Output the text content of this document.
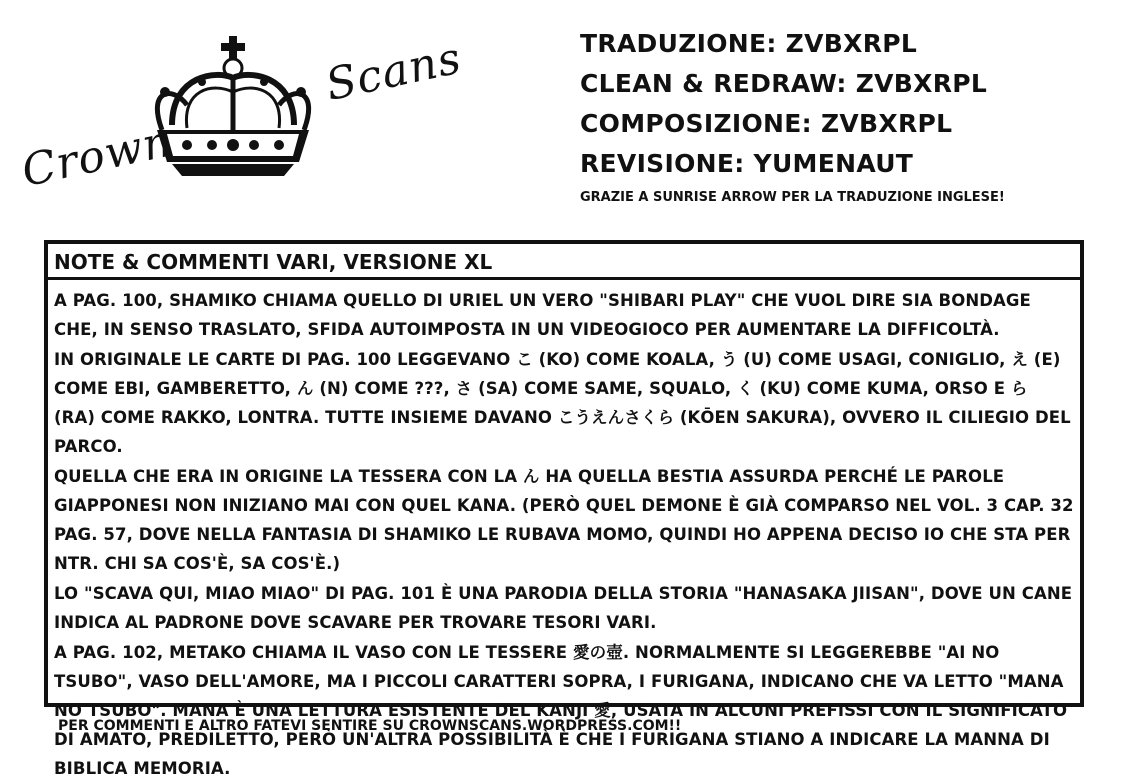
Crown
Scans	TRADUZIONE: ZVBXRPL
CLEAN & REDRAW: ZVBXRPL
COMPOSIZIONE: ZVBXRPL
REVISIONE: YUMENAUT
GRAZIE A SUNRISE ARROW PER LA TRADUZIONE INGLESE!
NOTE & COMMENTI VARI, VERSIONE XL

A PAG. 100, SHAMIKO CHIAMA QUELLO DI URIEL UN VERO "SHIBARI PLAY" CHE VUOL DIRE SIA BONDAGE CHE, IN SENSO TRASLATO, SFIDA AUTOIMPOSTA IN UN VIDEOGIOCO PER AUMENTARE LA DIFFICOLTÀ.

IN ORIGINALE LE CARTE DI PAG. 100 LEGGEVANO こ (KO) COME KOALA, う (U) COME USAGI, CONIGLIO, え (E) COME EBI, GAMBERETTO, ん (N) COME ???, さ (SA) COME SAME, SQUALO, く (KU) COME KUMA, ORSO E ら (RA) COME RAKKO, LONTRA. TUTTE INSIEME DAVANO こうえんさくら (KŌEN SAKURA), OVVERO IL CILIEGIO DEL PARCO.

QUELLA CHE ERA IN ORIGINE LA TESSERA CON LA ん HA QUELLA BESTIA ASSURDA PERCHÉ LE PAROLE GIAPPONESI NON INIZIANO MAI CON QUEL KANA. (PERÒ QUEL DEMONE È GIÀ COMPARSO NEL VOL. 3 CAP. 32 PAG. 57, DOVE NELLA FANTASIA DI SHAMIKO LE RUBAVA MOMO, QUINDI HO APPENA DECISO IO CHE STA PER NTR. CHI SA COS'È, SA COS'È.)

LO "SCAVA QUI, MIAO MIAO" DI PAG. 101 È UNA PARODIA DELLA STORIA "HANASAKA JIISAN", DOVE UN CANE INDICA AL PADRONE DOVE SCAVARE PER TROVARE TESORI VARI.

A PAG. 102, METAKO CHIAMA IL VASO CON LE TESSERE 愛の壺. NORMALMENTE SI LEGGEREBBE "AI NO TSUBO", VASO DELL'AMORE, MA I PICCOLI CARATTERI SOPRA, I FURIGANA, INDICANO CHE VA LETTO "MANA NO TSUBO". MANA È UNA LETTURA ESISTENTE DEL KANJI 愛, USATA IN ALCUNI PREFISSI CON IL SIGNIFICATO DI AMATO, PREDILETTO, PERÒ UN'ALTRA POSSIBILITÀ È CHE I FURIGANA STIANO A INDICARE LA MANNA DI BIBLICA MEMORIA.

PER COMMENTI E ALTRO FATEVI SENTIRE SU CROWNSCANS.WORDPRESS.COM!!
